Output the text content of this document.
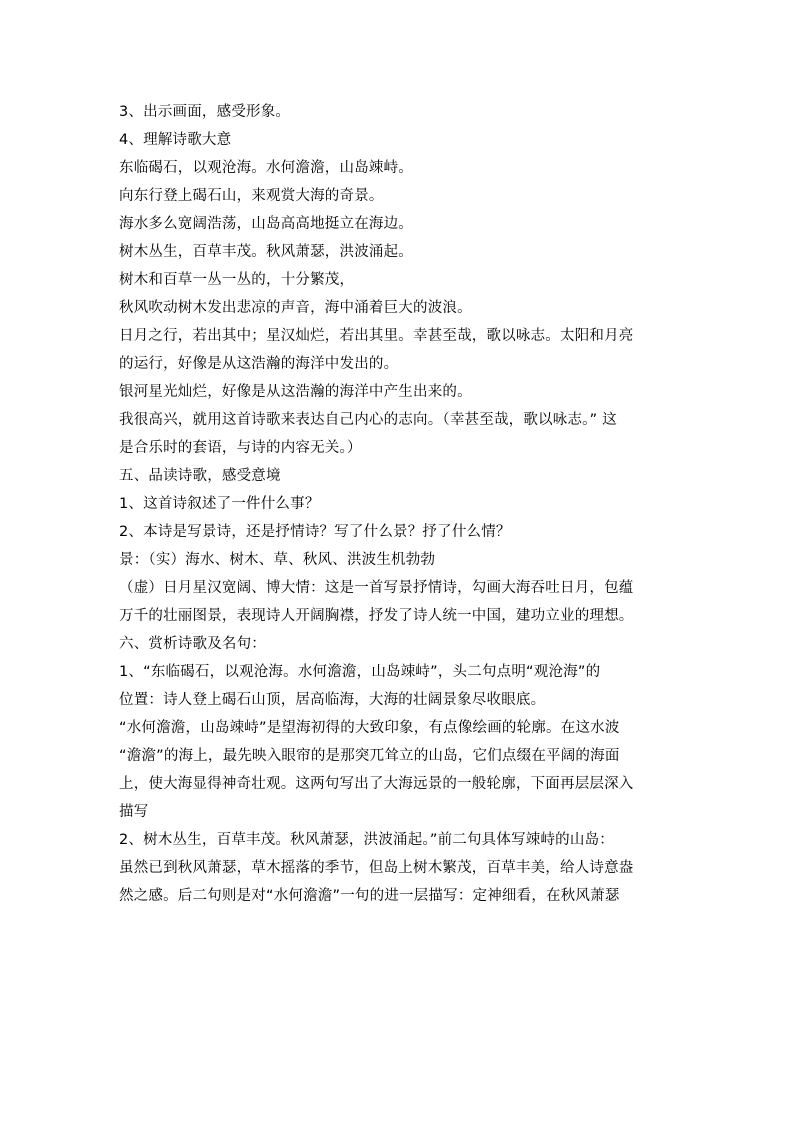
3、出示画面，感受形象。
4、理解诗歌大意
东临碣石，以观沧海。水何澹澹，山岛竦峙。
向东行登上碣石山，来观赏大海的奇景。
海水多么宽阔浩荡，山岛高高地挺立在海边。
树木丛生，百草丰茂。秋风萧瑟，洪波涌起。
树木和百草一丛一丛的，十分繁茂，
秋风吹动树木发出悲凉的声音，海中涌着巨大的波浪。
日月之行，若出其中；星汉灿烂，若出其里。幸甚至哉，歌以咏志。太阳和月亮
的运行，好像是从这浩瀚的海洋中发出的。
银河星光灿烂，好像是从这浩瀚的海洋中产生出来的。
我很高兴，就用这首诗歌来表达自己内心的志向。（幸甚至哉，歌以咏志。” 这
是合乐时的套语，与诗的内容无关。）
五、品读诗歌，感受意境
1、这首诗叙述了一件什么事？
2、本诗是写景诗，还是抒情诗？写了什么景？抒了什么情？
景：（实）海水、树木、草、秋风、洪波生机勃勃
（虚）日月星汉宽阔、博大情：这是一首写景抒情诗，勾画大海吞吐日月，包蕴
万千的壮丽图景，表现诗人开阔胸襟，抒发了诗人统一中国，建功立业的理想。
六、赏析诗歌及名句：
1、“东临碣石，以观沧海。水何澹澹，山岛竦峙”，头二句点明“观沧海”的
位置：诗人登上碣石山顶，居高临海，大海的壮阔景象尽收眼底。
“水何澹澹，山岛竦峙”是望海初得的大致印象，有点像绘画的轮廓。在这水波
“澹澹”的海上，最先映入眼帘的是那突兀耸立的山岛，它们点缀在平阔的海面
上，使大海显得神奇壮观。这两句写出了大海远景的一般轮廓，下面再层层深入
描写
2、树木丛生，百草丰茂。秋风萧瑟，洪波涌起。”前二句具体写竦峙的山岛：
虽然已到秋风萧瑟，草木摇落的季节，但岛上树木繁茂，百草丰美，给人诗意盎
然之感。后二句则是对“水何澹澹”一句的进一层描写：定神细看，在秋风萧瑟
